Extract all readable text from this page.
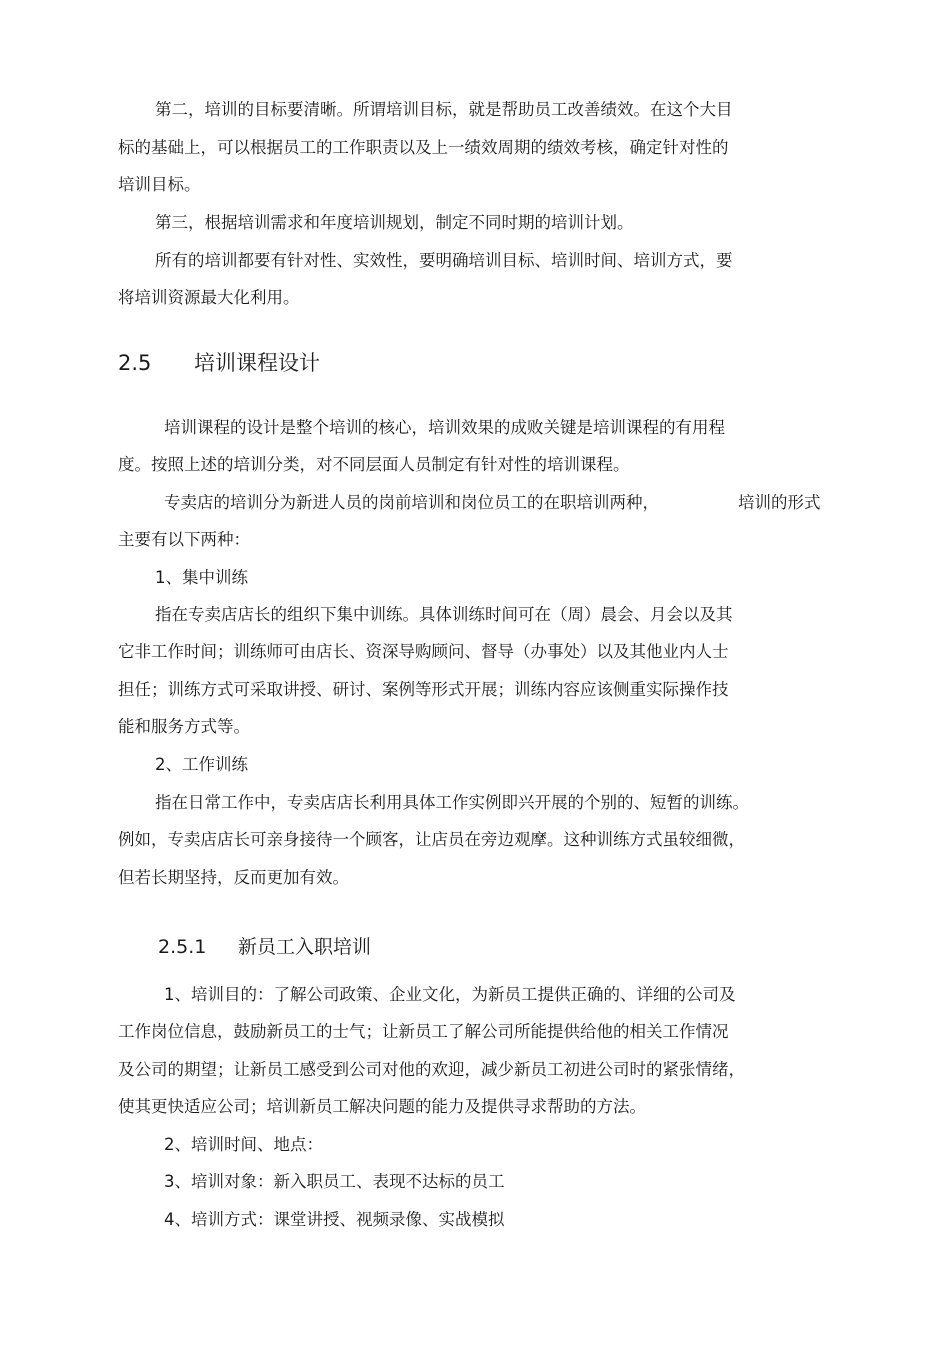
第二，培训的目标要清晰。所谓培训目标，就是帮助员工改善绩效。在这个大目
标的基础上，可以根据员工的工作职责以及上一绩效周期的绩效考核，确定针对性的
培训目标。
第三，根据培训需求和年度培训规划，制定不同时期的培训计划。
所有的培训都要有针对性、实效性，要明确培训目标、培训时间、培训方式，要
将培训资源最大化利用。
2.5 培训课程设计
培训课程的设计是整个培训的核心，培训效果的成败关键是培训课程的有用程
度。按照上述的培训分类，对不同层面人员制定有针对性的培训课程。
专卖店的培训分为新进人员的岗前培训和岗位员工的在职培训两种，	培训的形式
主要有以下两种：
1、集中训练
指在专卖店店长的组织下集中训练。具体训练时间可在（周）晨会、月会以及其
它非工作时间；训练师可由店长、资深导购顾问、督导（办事处）以及其他业内人士
担任；训练方式可采取讲授、研讨、案例等形式开展；训练内容应该侧重实际操作技
能和服务方式等。
2、工作训练
指在日常工作中，专卖店店长利用具体工作实例即兴开展的个别的、短暂的训练。
例如，专卖店店长可亲身接待一个顾客，让店员在旁边观摩。这种训练方式虽较细微，
但若长期坚持，反而更加有效。
2.5.1 新员工入职培训
1、培训目的：了解公司政策、企业文化，为新员工提供正确的、详细的公司及
工作岗位信息，鼓励新员工的士气；让新员工了解公司所能提供给他的相关工作情况
及公司的期望；让新员工感受到公司对他的欢迎，减少新员工初进公司时的紧张情绪，
使其更快适应公司；培训新员工解决问题的能力及提供寻求帮助的方法。
2、培训时间、地点：
3、培训对象：新入职员工、表现不达标的员工
4、培训方式：课堂讲授、视频录像、实战模拟
